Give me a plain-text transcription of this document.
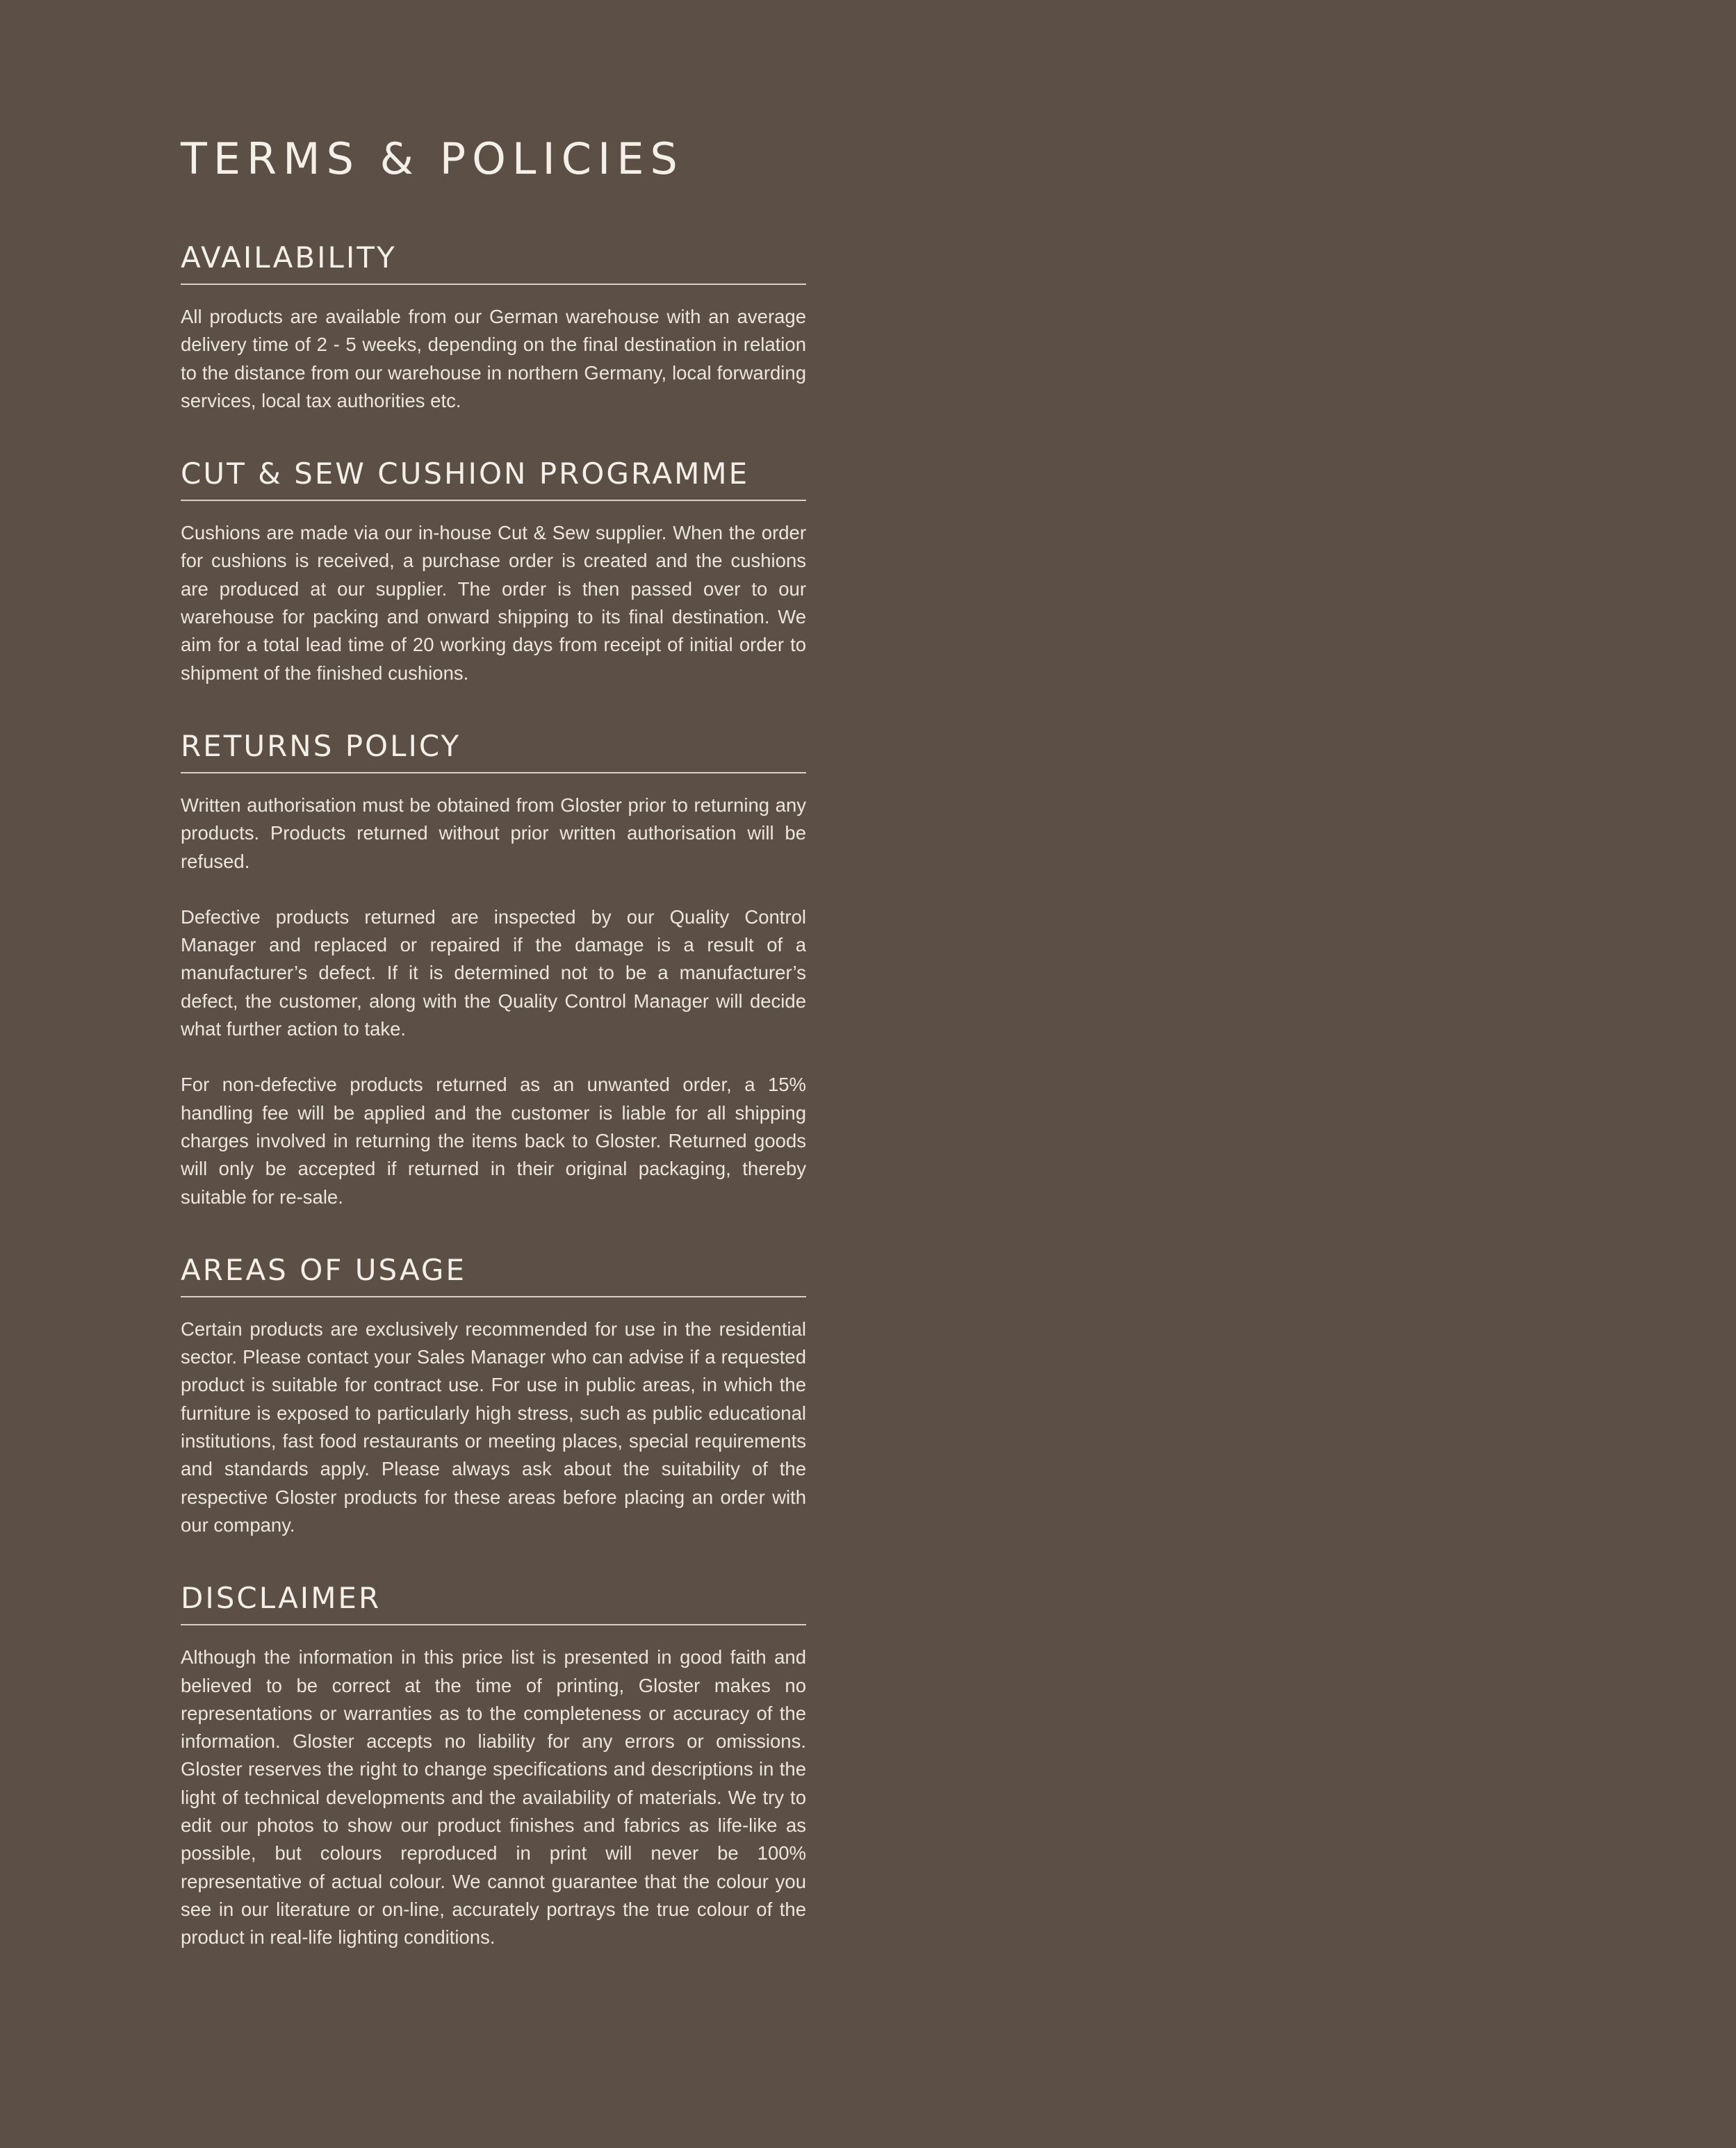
TERMS & POLICIES
AVAILABILITY

All products are available from our German warehouse with an average delivery time of 2 - 5 weeks, depending on the final destination in relation to the distance from our warehouse in northern Germany, local forwarding services, local tax authorities etc.

CUT & SEW CUSHION PROGRAMME

Cushions are made via our in-house Cut & Sew supplier. When the order for cushions is received, a purchase order is created and the cushions are produced at our supplier. The order is then passed over to our warehouse for packing and onward shipping to its final destination. We aim for a total lead time of 20 working days from receipt of initial order to shipment of the finished cushions.

RETURNS POLICY

Written authorisation must be obtained from Gloster prior to returning any products. Products returned without prior written authorisation will be refused.

Defective products returned are inspected by our Quality Control Manager and replaced or repaired if the damage is a result of a manufacturer’s defect. If it is determined not to be a manufacturer’s defect, the customer, along with the Quality Control Manager will decide what further action to take.

For non-defective products returned as an unwanted order, a 15% handling fee will be applied and the customer is liable for all shipping charges involved in returning the items back to Gloster. Returned goods will only be accepted if returned in their original packaging, thereby suitable for re-sale.

AREAS OF USAGE

Certain products are exclusively recommended for use in the residential sector. Please contact your Sales Manager who can advise if a requested product is suitable for contract use. For use in public areas, in which the furniture is exposed to particularly high stress, such as public educational institutions, fast food restaurants or meeting places, special requirements and standards apply. Please always ask about the suitability of the respective Gloster products for these areas before placing an order with our company.

DISCLAIMER

Although the information in this price list is presented in good faith and believed to be correct at the time of printing, Gloster makes no representations or warranties as to the completeness or accuracy of the information. Gloster accepts no liability for any errors or omissions. Gloster reserves the right to change specifications and descriptions in the light of technical developments and the availability of materials. We try to edit our photos to show our product finishes and fabrics as life-like as possible, but colours reproduced in print will never be 100% representative of actual colour. We cannot guarantee that the colour you see in our literature or on-line, accurately portrays the true colour of the product in real-life lighting conditions.
